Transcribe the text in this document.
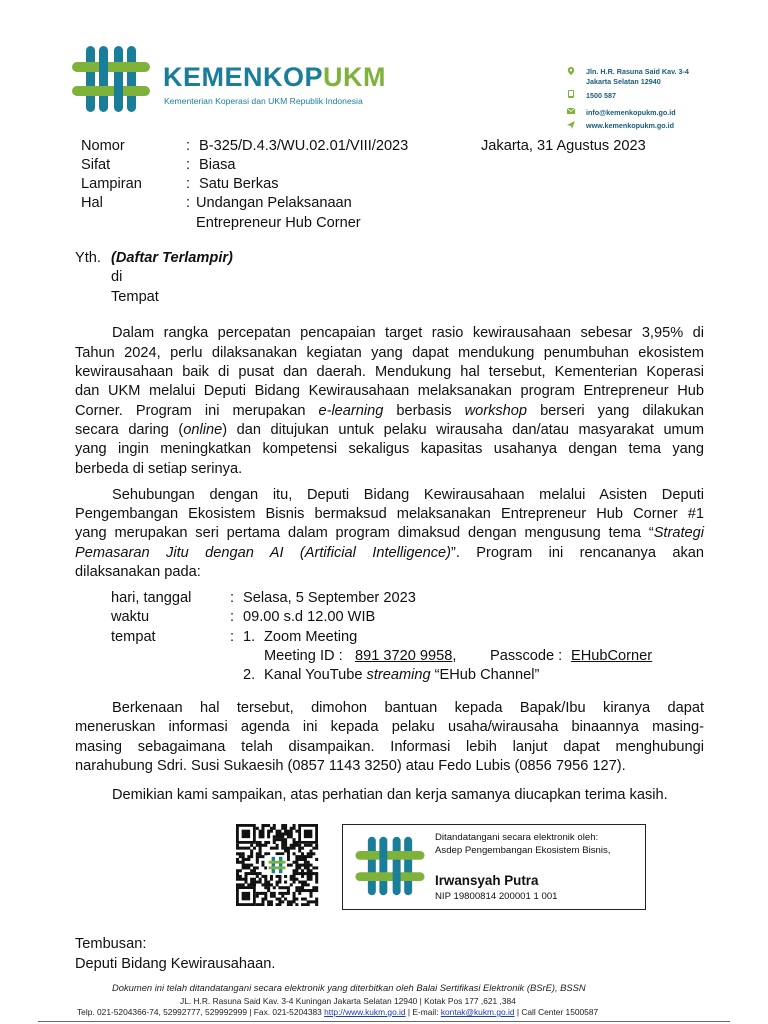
KEMENKOPUKM
Kementerian Koperasi dan UKM Republik Indonesia
Jln. H.R. Rasuna Said Kav. 3-4
Jakarta Selatan 12940
1500 587
info@kemenkopukm.go.id
www.kemenkopukm.go.id
Nomor	: B-325/D.4.3/WU.02.01/VIII/2023	Jakarta, 31 Agustus 2023
Sifat	: Biasa
Lampiran	: Satu Berkas
Hal	: Undangan Pelaksanaan
Entrepreneur Hub Corner
Yth. (Daftar Terlampir)
di
Tempat
Dalam rangka percepatan pencapaian target rasio kewirausahaan sebesar 3,95% di
Tahun 2024, perlu dilaksanakan kegiatan yang dapat mendukung penumbuhan ekosistem
kewirausahaan baik di pusat dan daerah. Mendukung hal tersebut, Kementerian Koperasi
dan UKM melalui Deputi Bidang Kewirausahaan melaksanakan program Entrepreneur Hub
Corner. Program ini merupakan e-learning berbasis workshop berseri yang dilakukan
secara daring (online) dan ditujukan untuk pelaku wirausaha dan/atau masyarakat umum
yang ingin meningkatkan kompetensi sekaligus kapasitas usahanya dengan tema yang
berbeda di setiap serinya.
Sehubungan dengan itu, Deputi Bidang Kewirausahaan melalui Asisten Deputi
Pengembangan Ekosistem Bisnis bermaksud melaksanakan Entrepreneur Hub Corner #1
yang merupakan seri pertama dalam program dimaksud dengan mengusung tema “Strategi
Pemasaran Jitu dengan AI (Artificial Intelligence)”. Program ini rencananya akan
dilaksanakan pada:
hari, tanggal	: Selasa, 5 September 2023
waktu	: 09.00 s.d 12.00 WIB
tempat	: 1. Zoom Meeting
Meeting ID : 891 3720 9958, Passcode : EHubCorner
2. Kanal YouTube streaming “EHub Channel”
Berkenaan hal tersebut, dimohon bantuan kepada Bapak/Ibu kiranya dapat
meneruskan informasi agenda ini kepada pelaku usaha/wirausaha binaannya masing-
masing sebagaimana telah disampaikan. Informasi lebih lanjut dapat menghubungi
narahubung Sdri. Susi Sukaesih (0857 1143 3250) atau Fedo Lubis (0856 7956 127).
Demikian kami sampaikan, atas perhatian dan kerja samanya diucapkan terima kasih.
Ditandatangani secara elektronik oleh:
Asdep Pengembangan Ekosistem Bisnis,
Irwansyah Putra
NIP 19800814 200001 1 001
Tembusan:
Deputi Bidang Kewirausahaan.
Dokumen ini telah ditandatangani secara elektronik yang diterbitkan oleh Balai Sertifikasi Elektronik (BSrE), BSSN
JL. H.R. Rasuna Said Kav. 3-4 Kuningan Jakarta Selatan 12940 | Kotak Pos 177 ,621 ,384
Telp. 021-5204366-74, 52992777, 529992999 | Fax. 021-5204383 http://www.kukm.go.id | E-mail: kontak@kukm.go.id | Call Center 1500587
